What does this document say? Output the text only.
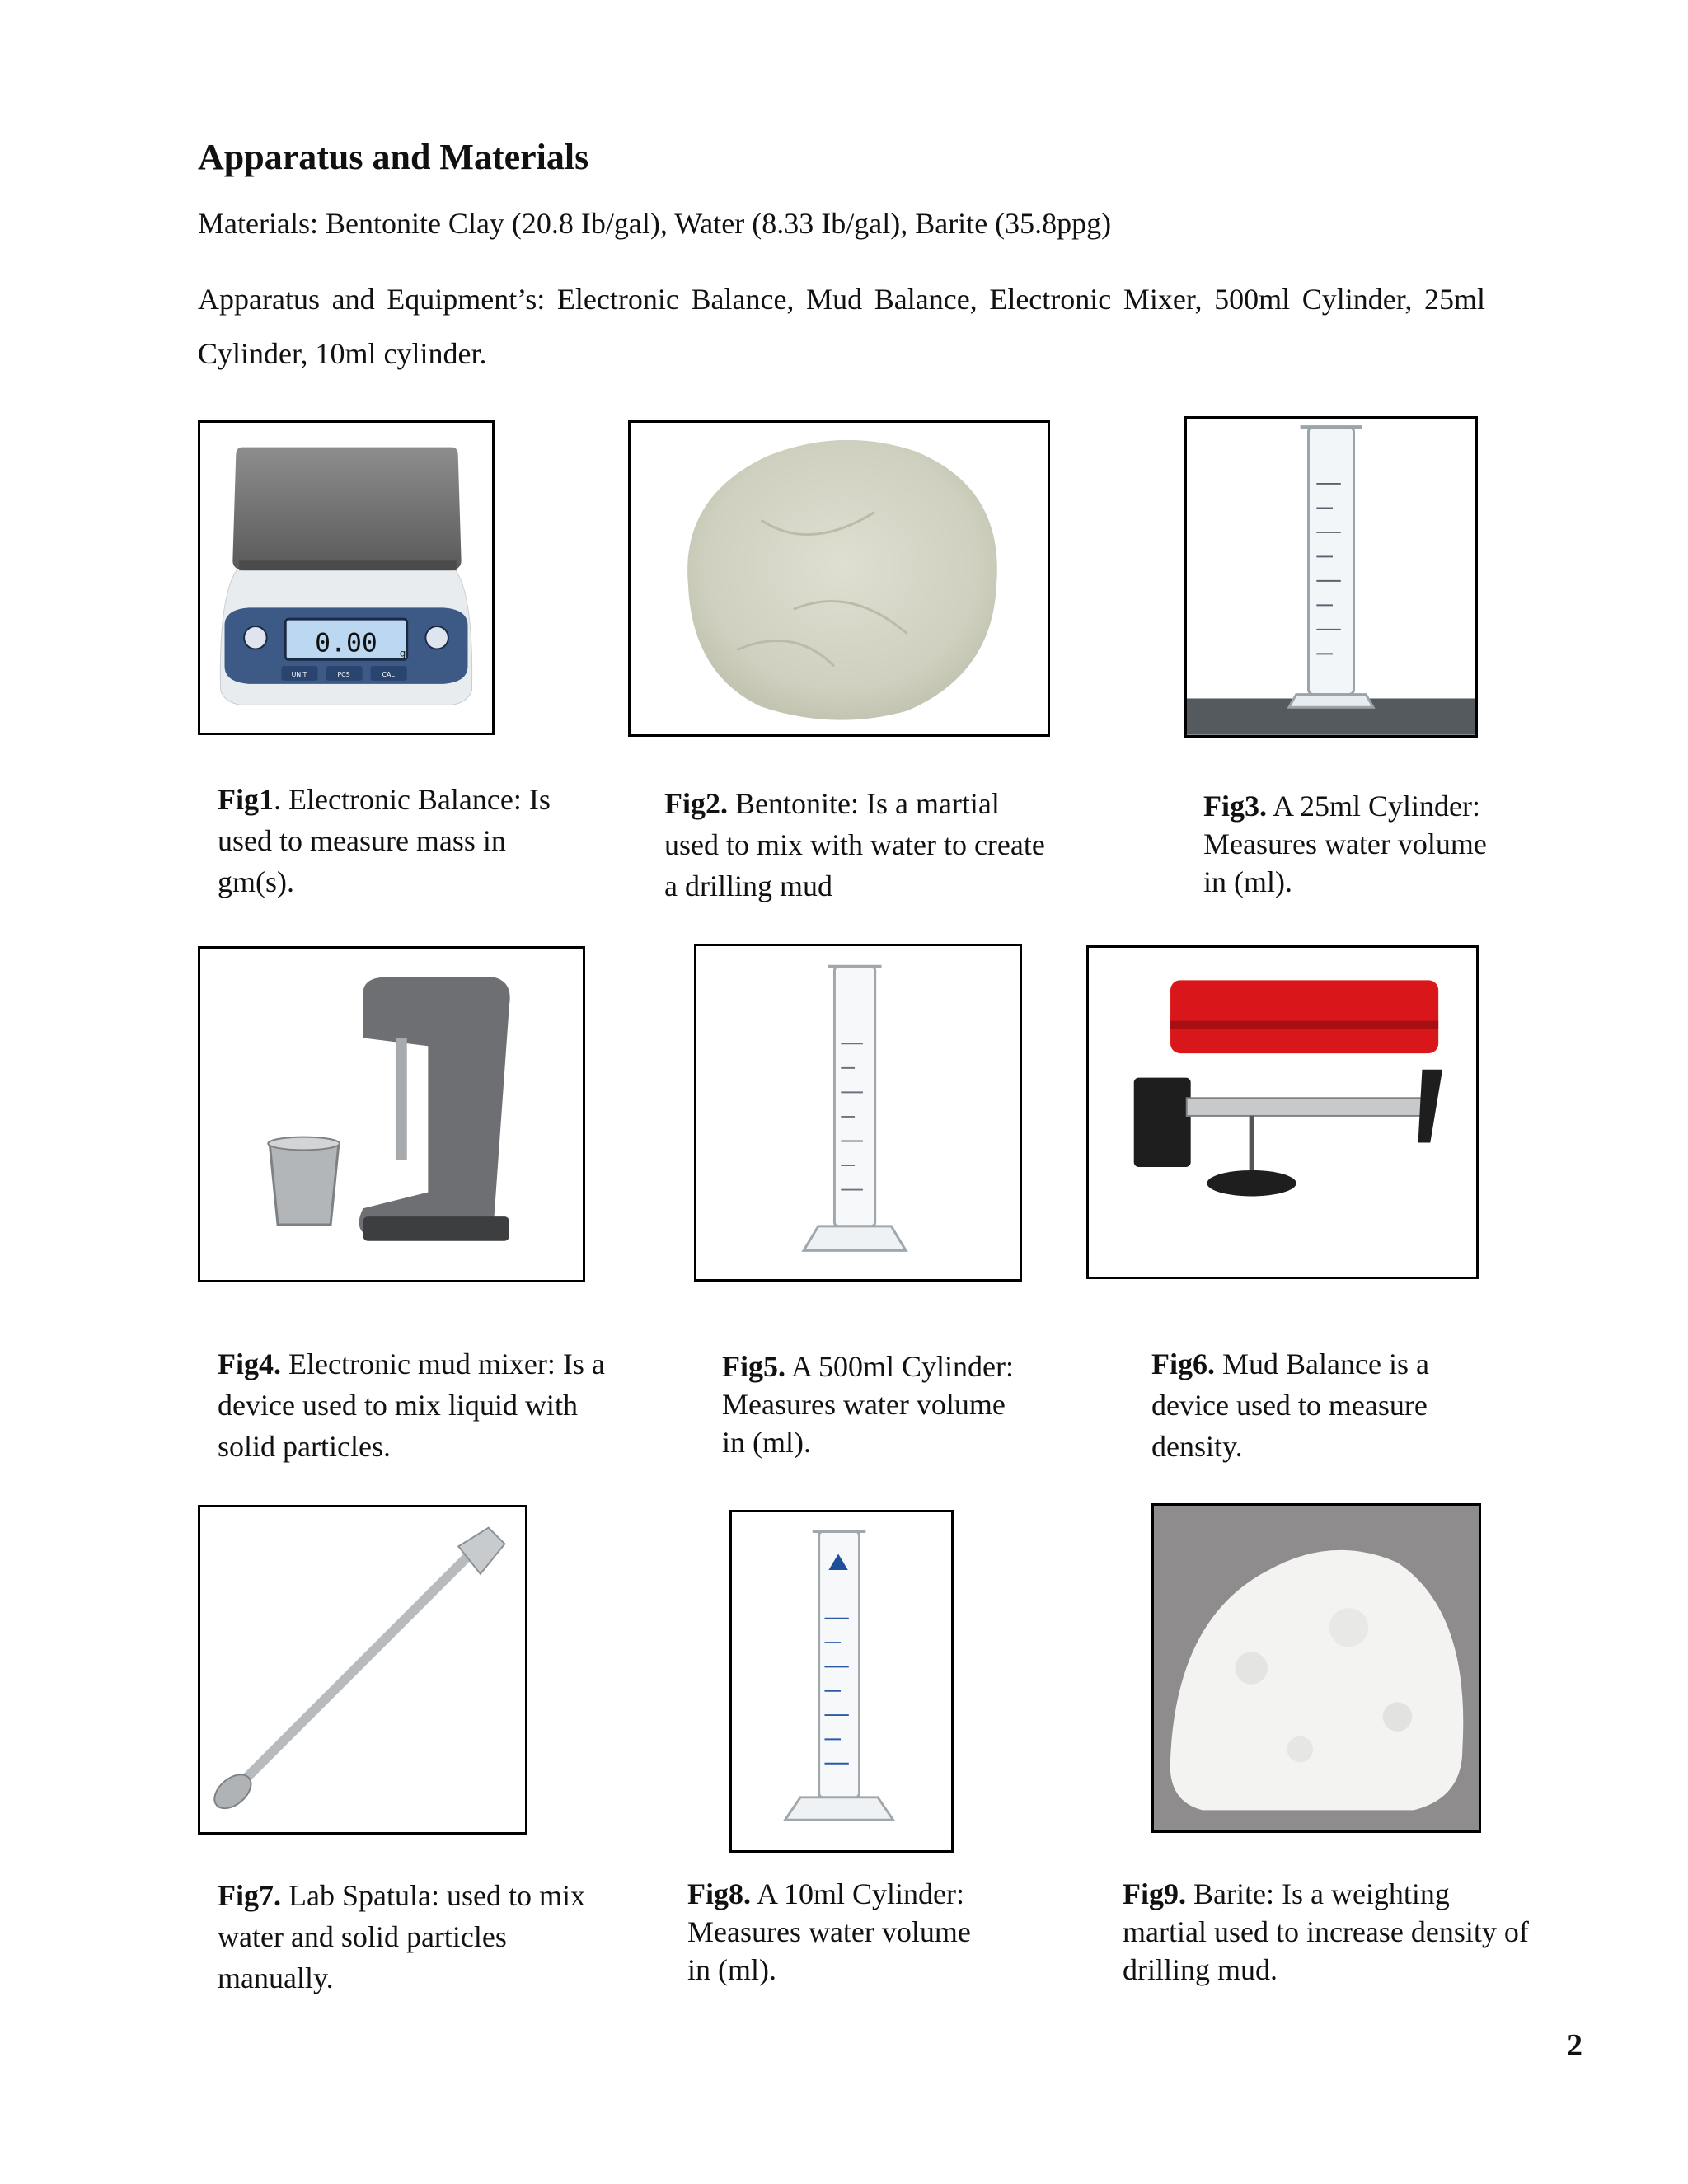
Apparatus and Materials

Materials: Bentonite Clay (20.8 Ib/gal), Water (8.33 Ib/gal), Barite (35.8ppg)

Apparatus and Equipment’s: Electronic Balance, Mud Balance, Electronic Mixer, 500ml Cylinder, 25ml Cylinder, 10ml cylinder.

0.00 g
UNIT	PCS	CAL
Fig1. Electronic Balance: Is used to measure mass in gm(s).
Fig2. Bentonite: Is a martial used to mix with water to create a drilling mud
Fig3. A 25ml Cylinder: Measures water volume in (ml).
Fig4. Electronic mud mixer: Is a device used to mix liquid with solid particles.
Fig5. A 500ml Cylinder: Measures water volume in (ml).
Fig6. Mud Balance is a device used to measure density.
Fig7. Lab Spatula: used to mix water and solid particles manually.
Fig8. A 10ml Cylinder: Measures water volume in (ml).
Fig9. Barite: Is a weighting martial used to increase density of drilling mud.
2
